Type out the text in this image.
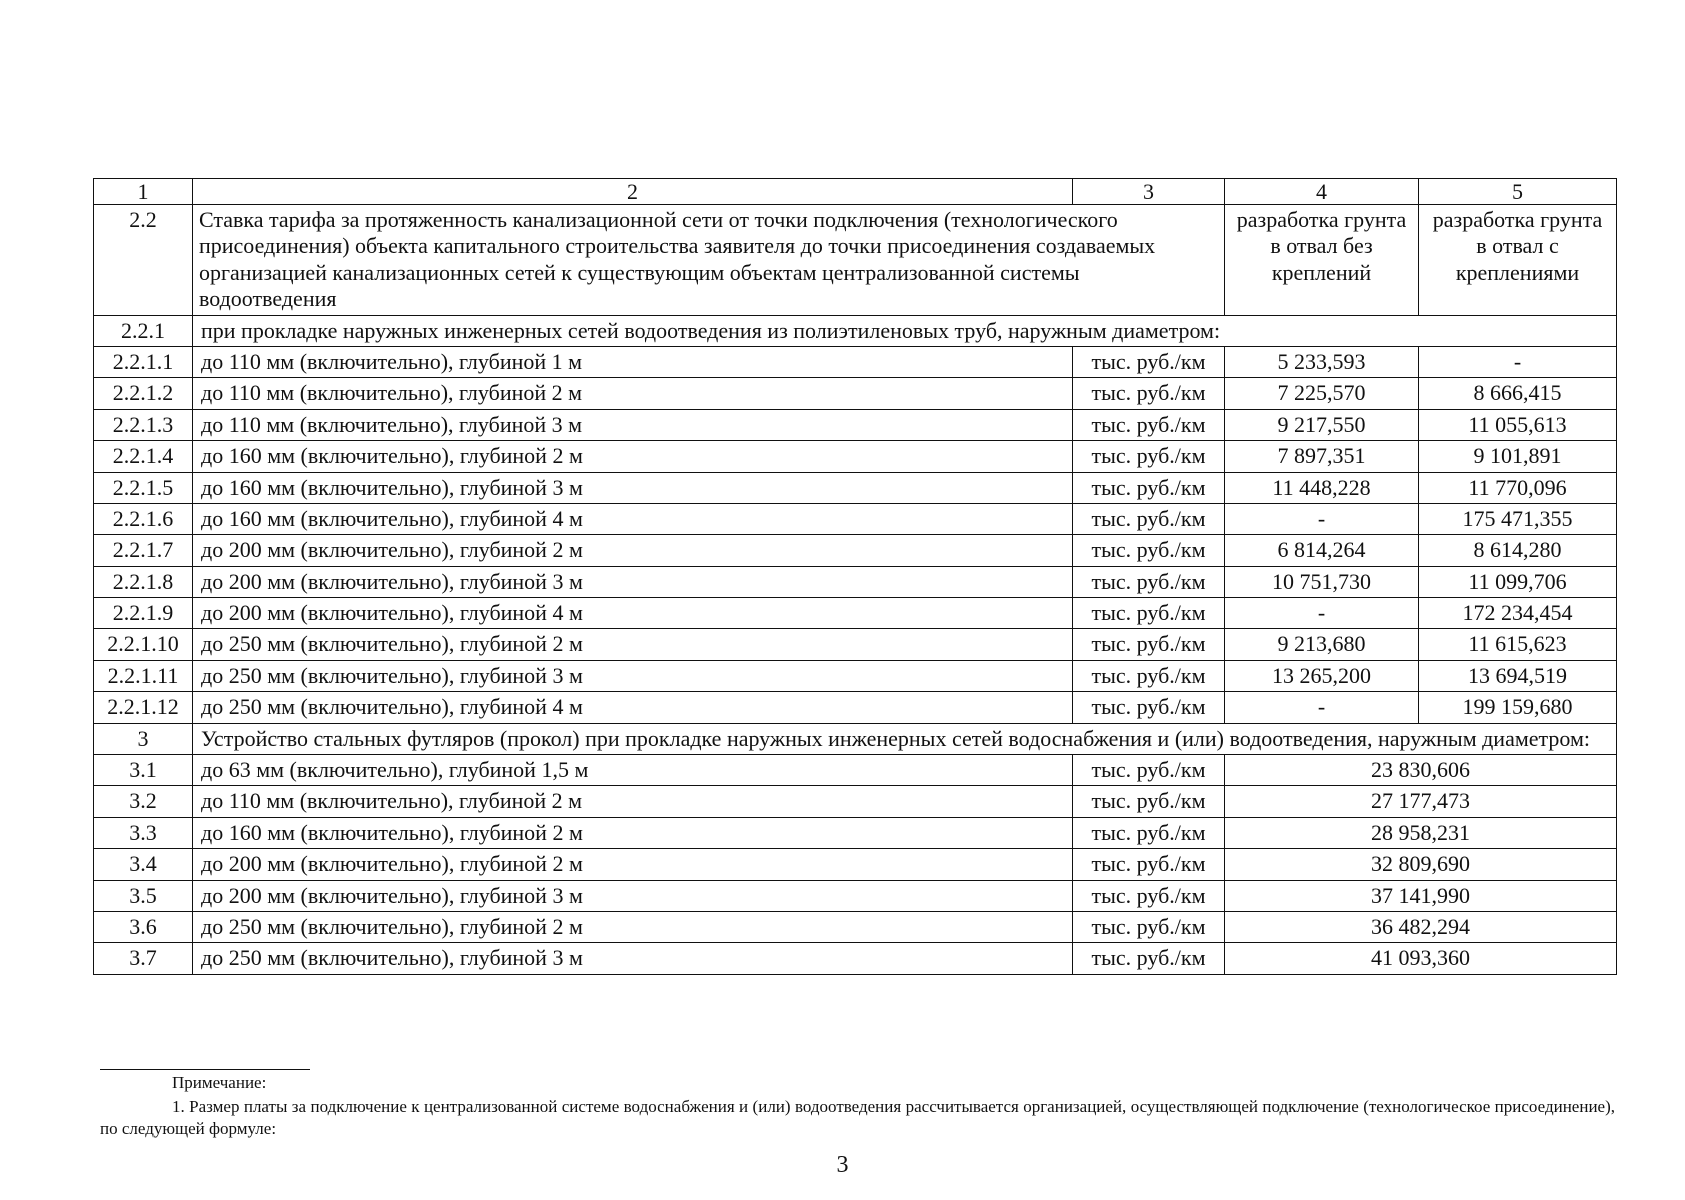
1	2	3	4	5
2.2	Ставка тарифа за протяженность канализационной сети от точки подключения (технологического присоединения) объекта капитального строительства заявителя до точки присоединения создаваемых организацией канализационных сетей к существующим объектам централизованной системы водоотведения		разработка грунта в отвал без креплений	разработка грунта в отвал с креплениями
2.2.1	при прокладке наружных инженерных сетей водоотведения из полиэтиленовых труб, наружным диаметром:			
2.2.1.1	до 110 мм (включительно), глубиной 1 м	тыс. руб./км	5 233,593	-
2.2.1.2	до 110 мм (включительно), глубиной 2 м	тыс. руб./км	7 225,570	8 666,415
2.2.1.3	до 110 мм (включительно), глубиной 3 м	тыс. руб./км	9 217,550	11 055,613
2.2.1.4	до 160 мм (включительно), глубиной 2 м	тыс. руб./км	7 897,351	9 101,891
2.2.1.5	до 160 мм (включительно), глубиной 3 м	тыс. руб./км	11 448,228	11 770,096
2.2.1.6	до 160 мм (включительно), глубиной 4 м	тыс. руб./км	-	175 471,355
2.2.1.7	до 200 мм (включительно), глубиной 2 м	тыс. руб./км	6 814,264	8 614,280
2.2.1.8	до 200 мм (включительно), глубиной 3 м	тыс. руб./км	10 751,730	11 099,706
2.2.1.9	до 200 мм (включительно), глубиной 4 м	тыс. руб./км	-	172 234,454
2.2.1.10	до 250 мм (включительно), глубиной 2 м	тыс. руб./км	9 213,680	11 615,623
2.2.1.11	до 250 мм (включительно), глубиной 3 м	тыс. руб./км	13 265,200	13 694,519
2.2.1.12	до 250 мм (включительно), глубиной 4 м	тыс. руб./км	-	199 159,680
3	Устройство стальных футляров (прокол) при прокладке наружных инженерных сетей водоснабжения и (или) водоотведения, наружным диаметром:			
3.1	до 63 мм (включительно), глубиной 1,5 м	тыс. руб./км	23 830,606	
3.2	до 110 мм (включительно), глубиной 2 м	тыс. руб./км	27 177,473	
3.3	до 160 мм (включительно), глубиной 2 м	тыс. руб./км	28 958,231	
3.4	до 200 мм (включительно), глубиной 2 м	тыс. руб./км	32 809,690	
3.5	до 200 мм (включительно), глубиной 3 м	тыс. руб./км	37 141,990	
3.6	до 250 мм (включительно), глубиной 2 м	тыс. руб./км	36 482,294	
3.7	до 250 мм (включительно), глубиной 3 м	тыс. руб./км	41 093,360	
Примечание:
1. Размер платы за подключение к централизованной системе водоснабжения и (или) водоотведения рассчитывается организацией, осуществляющей подключение (технологическое присоединение), по следующей формуле:
3
